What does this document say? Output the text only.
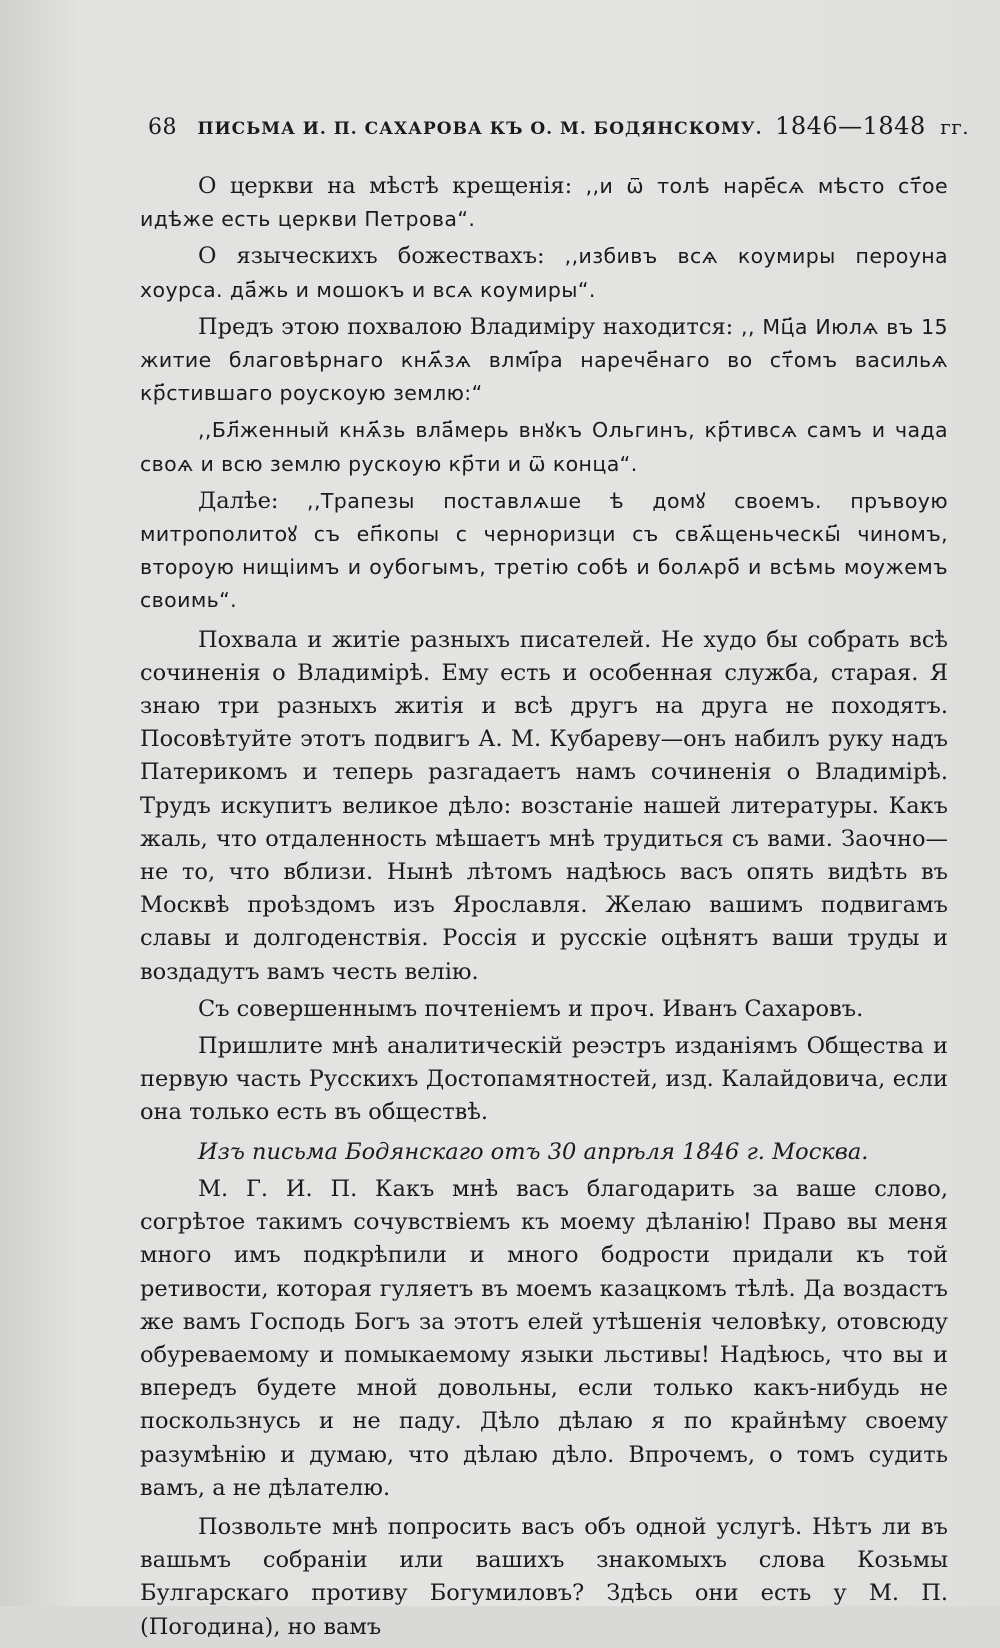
68 ПИСЬМА И. П. САХАРОВА КЪ О. М. БОДЯНСКОМУ. 1846—1848 гг.

О церкви на мѣстѣ крещенія: ,,и ѿ толѣ наре҃сѧ мѣсто ст҃ое идѣже есть церкви Петрова“.

О языческихъ божествахъ: ,,избивъ всѧ коумиры пероуна хоурса. да҃жь и мошокъ и всѧ коумиры“.

Предъ этою похвалою Владиміру находится: ,, Мц҃а Июлѧ въ 15 житие благовѣрнаго кнѧ҃зѧ влмі҃ра нарече҃наго во ст҃омъ васильѧ кр҃стившаго роускоую землю:“

,,Бл҃женный кнѧ҃зь вла҃мерь внꙋкъ Ольгинъ, кр҃тивсѧ самъ и чада своѧ и всю землю рускоую кр҃ти и ѿ конца“.

Далѣе: ,,Трапезы поставлѧше ѣ домꙋ своемъ. пръвоую митрополитоꙋ съ еп҃копы с черноризци съ свѧ҃щеньческы҃ чиномъ, второую нищіимъ и оубогымъ, третію собѣ и болѧро҃ и всѣмь моужемъ своимь“.

Похвала и житіе разныхъ писателей. Не худо бы собрать всѣ сочиненія о Владимірѣ. Ему есть и особенная служба, старая. Я знаю три разныхъ житія и всѣ другъ на друга не походятъ. Посовѣтуйте этотъ подвигъ А. М. Кубареву—онъ набилъ руку надъ Патерикомъ и теперь разгадаетъ намъ сочиненія о Владимірѣ. Трудъ искупитъ великое дѣло: возстаніе нашей литературы. Какъ жаль, что отдаленность мѣшаетъ мнѣ трудиться съ вами. Заочно—не то, что вблизи. Нынѣ лѣтомъ надѣюсь васъ опять видѣть въ Москвѣ проѣздомъ изъ Ярославля. Желаю вашимъ подвигамъ славы и долгоденствія. Россія и русскіе оцѣнятъ ваши труды и воздадутъ вамъ честь велію.

Съ совершеннымъ почтеніемъ и проч. Иванъ Сахаровъ.

Пришлите мнѣ аналитическій реэстръ изданіямъ Общества и первую часть Русскихъ Достопамятностей, изд. Калайдовича, если она только есть въ обществѣ.

Изъ письма Бодянскаго отъ 30 апрѣля 1846 г. Москва.

М. Г. И. П. Какъ мнѣ васъ благодарить за ваше слово, согрѣтое такимъ сочувствіемъ къ моему дѣланію! Право вы меня много имъ подкрѣпили и много бодрости придали къ той ретивости, которая гуляетъ въ моемъ казацкомъ тѣлѣ. Да воздастъ же вамъ Господь Богъ за этотъ елей утѣшенія человѣку, отовсюду обуреваемому и помыкаемому языки льстивы! Надѣюсь, что вы и впередъ будете мной довольны, если только какъ-нибудь не поскользнусь и не паду. Дѣло дѣлаю я по крайнѣму своему разумѣнію и думаю, что дѣлаю дѣло. Впрочемъ, о томъ судить вамъ, а не дѣлателю.

Позвольте мнѣ попросить васъ объ одной услугѣ. Нѣтъ ли въ вашьмъ собраніи или вашихъ знакомыхъ слова Козьмы Булгарскаго противу Богумиловъ? Здѣсь они есть у М. П. (Погодина), но вамъ
